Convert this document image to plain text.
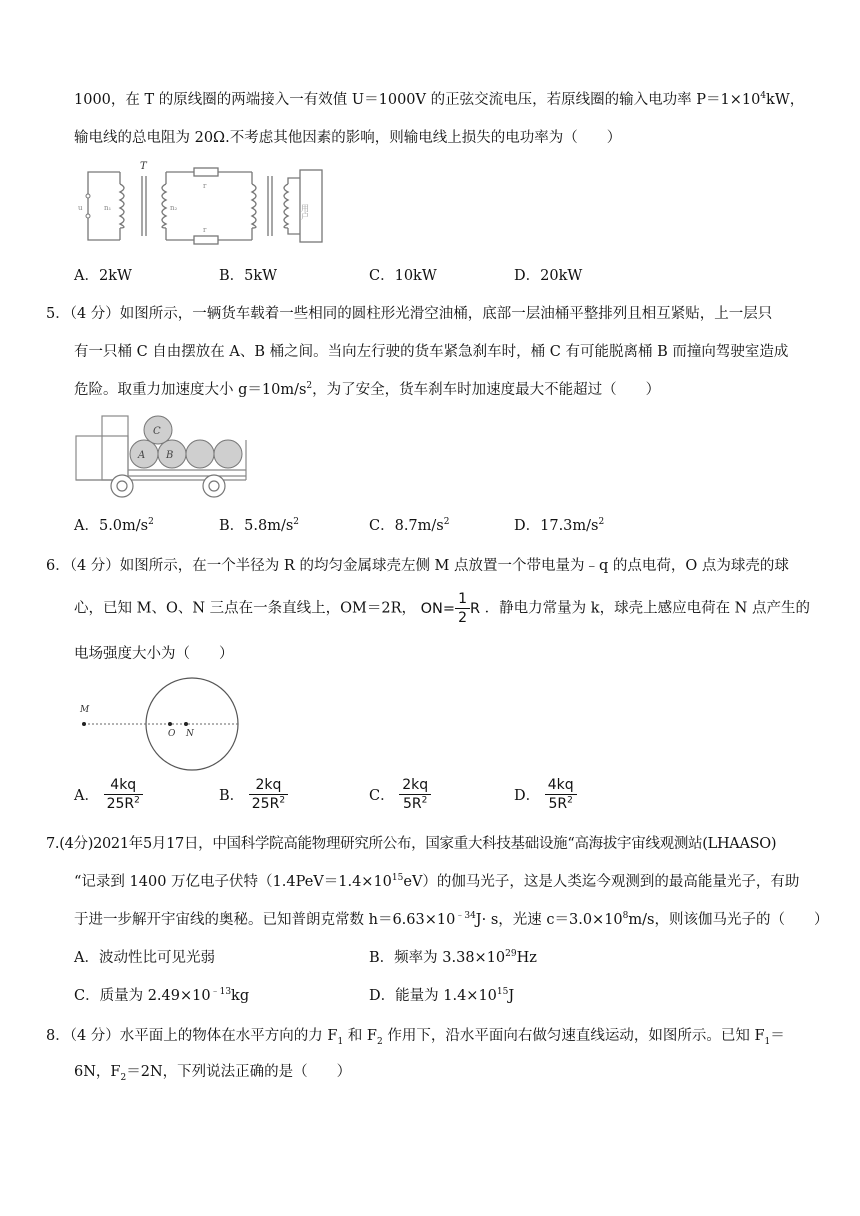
1000，在 T 的原线圈的两端接入一有效值 U＝1000V 的正弦交流电压，若原线圈的输入电功率 $P=1\times 10^4kW$，
输电线的总电阻为 20Ω.不考虑其他因素的影响，则输电线上损失的电功率为（　　）
T
u	n₁	n₂
r
r
用户
A．2kW	B．5kW	C．10kW	D．20kW
5．（4 分）如图所示，一辆货车载着一些相同的圆柱形光滑空油桶，底部一层油桶平整排列且相互紧贴，上一层只
有一只桶 C 自由摆放在 A、B 桶之间。当向左行驶的货车紧急刹车时，桶 C 有可能脱离桶 B 而撞向驾驶室造成
危险。取重力加速度大小 $g=10m/s^2$，为了安全，货车刹车时加速度最大不能超过（　　）
A B
C
A．$5.0m/s^2$	B．$5.8m/s^2$	C．$8.7m/s^2$	D．$17.3m/s^2$
6．（4 分）如图所示，在一个半径为 R 的均匀金属球壳左侧 M 点放置一个带电量为﹣q 的点电荷，O 点为球壳的球
心，已知 M、O、N 三点在一条直线上，OM＝2R， $ON= \frac{1}{2}$ R ．静电力常量为 k，球壳上感应电荷在 N 点产生的
电场强度大小为（　　）
M
O N
A． $\frac{4kq}{25R^2}$	B． $\frac{2kq}{25R^2}$	C． $\frac{2kq}{5R^2}$	D． $\frac{4kq}{5R^2}$
7.(4分)2021年5月17日，中国科学院高能物理研究所公布，国家重大科技基础设施“高海拔宇宙线观测站(LHAASO)
“记录到 1400 万亿电子伏特$(1.4PeV=1.4\times 10^{15}eV)$的伽马光子，这是人类迄今观测到的最高能量光子，有助
于进一步解开宇宙线的奥秘。已知普朗克常数 $h=6.63\times 10^{﹣34}J\cdot s$，光速 $c=3.0\times 10^8m/s$，则该伽马光子的（　　）
A．波动性比可见光弱	B．频率为 $3.38\times 10^{29}Hz$
C．质量为 $2.49\times 10^{﹣13}kg$	D．能量为 $1.4\times 10^{15}J$
8．（4 分）水平面上的物体在水平方向的力 $F_1$ 和 $F_2$ 作用下，沿水平面向右做匀速直线运动，如图所示。已知 $F_1=$
6N，$F_2=2N$，下列说法正确的是（　　）
